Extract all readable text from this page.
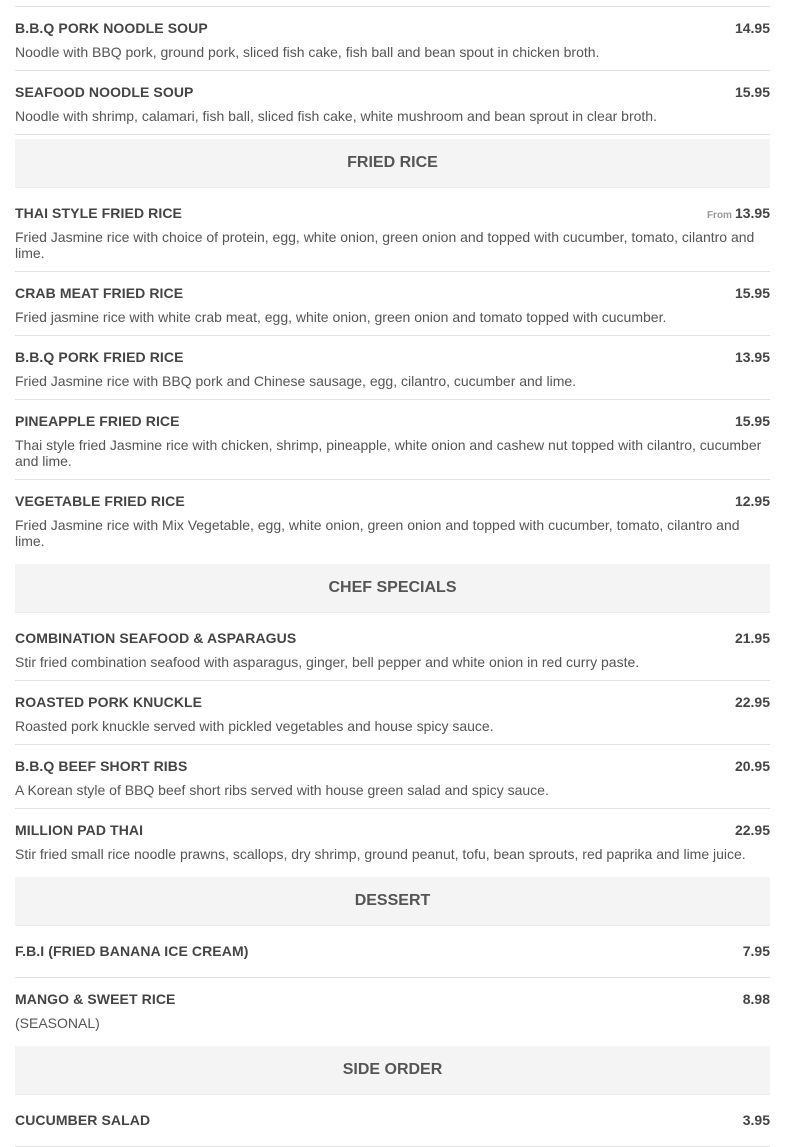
B.B.Q PORK NOODLE SOUP	14.95
Noodle with BBQ pork, ground pork, sliced fish cake, fish ball and bean spout in chicken broth.
SEAFOOD NOODLE SOUP	15.95
Noodle with shrimp, calamari, fish ball, sliced fish cake, white mushroom and bean sprout in clear broth.
FRIED RICE
THAI STYLE FRIED RICE	From 13.95
Fried Jasmine rice with choice of protein, egg, white onion, green onion and topped with cucumber, tomato, cilantro and lime.
CRAB MEAT FRIED RICE	15.95
Fried jasmine rice with white crab meat, egg, white onion, green onion and tomato topped with cucumber.
B.B.Q PORK FRIED RICE	13.95
Fried Jasmine rice with BBQ pork and Chinese sausage, egg, cilantro, cucumber and lime.
PINEAPPLE FRIED RICE	15.95
Thai style fried Jasmine rice with chicken, shrimp, pineapple, white onion and cashew nut topped with cilantro, cucumber and lime.
VEGETABLE FRIED RICE	12.95
Fried Jasmine rice with Mix Vegetable, egg, white onion, green onion and topped with cucumber, tomato, cilantro and lime.
CHEF SPECIALS
COMBINATION SEAFOOD & ASPARAGUS	21.95
Stir fried combination seafood with asparagus, ginger, bell pepper and white onion in red curry paste.
ROASTED PORK KNUCKLE	22.95
Roasted pork knuckle served with pickled vegetables and house spicy sauce.
B.B.Q BEEF SHORT RIBS	20.95
A Korean style of BBQ beef short ribs served with house green salad and spicy sauce.
MILLION PAD THAI	22.95
Stir fried small rice noodle prawns, scallops, dry shrimp, ground peanut, tofu, bean sprouts, red paprika and lime juice.
DESSERT
F.B.I (FRIED BANANA ICE CREAM)	7.95
MANGO & SWEET RICE	8.98
(SEASONAL)
SIDE ORDER
CUCUMBER SALAD	3.95
